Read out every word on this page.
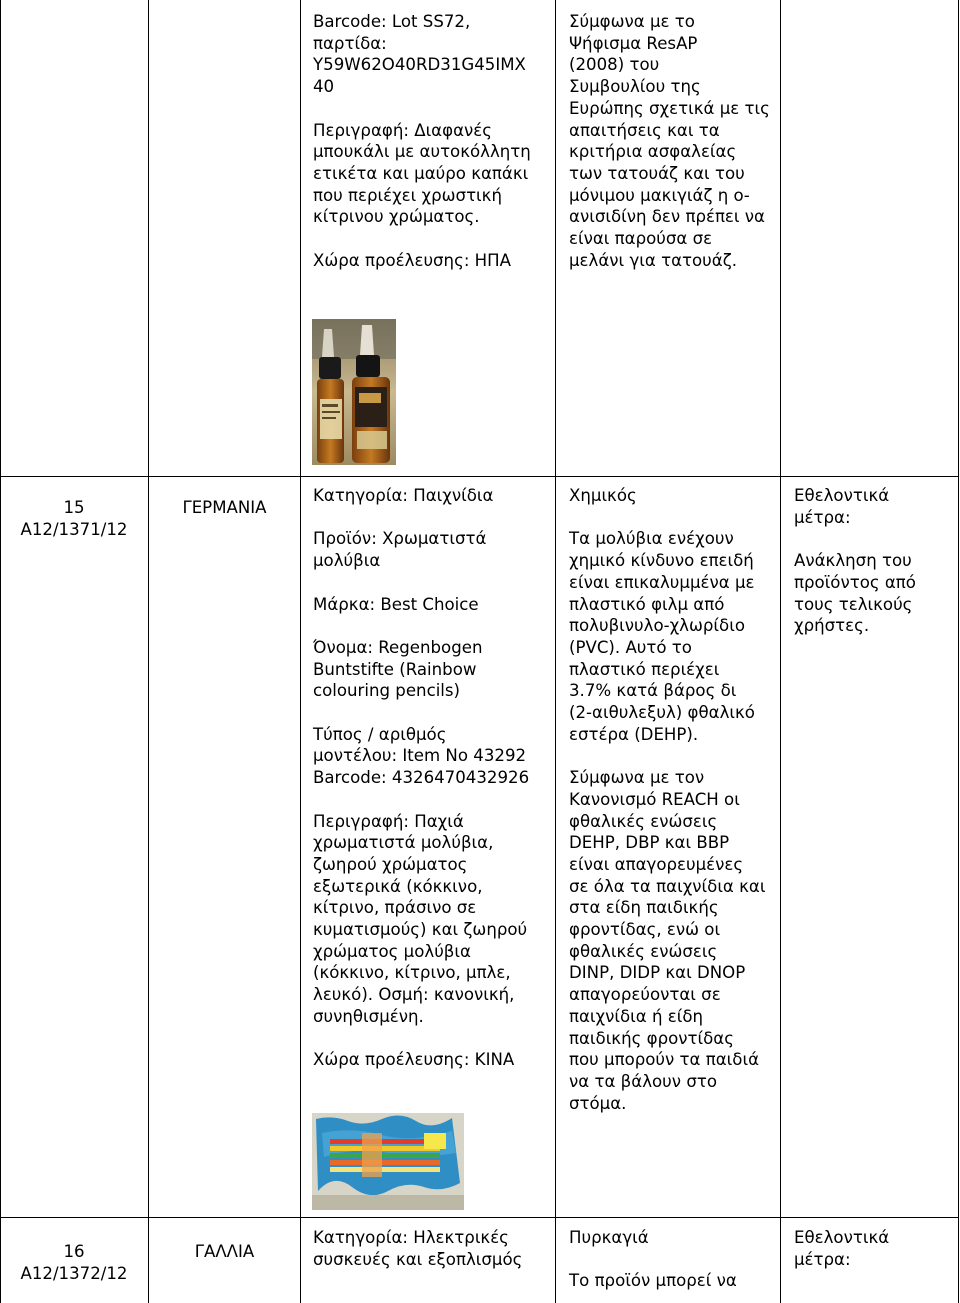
Barcode: Lot SS72,
παρτίδα:
Y59W62O40RD31G45IMX
40

Περιγραφή: Διαφανές
μπουκάλι με αυτοκόλλητη
ετικέτα και μαύρο καπάκι
που περιέχει χρωστική
κίτρινου χρώματος.

Χώρα προέλευσης: ΗΠΑ
Σύμφωνα με το
Ψήφισμα ResAP
(2008) του
Συμβουλίου της
Ευρώπης σχετικά με τις
απαιτήσεις και τα
κριτήρια ασφαλείας
των τατουάζ και του
μόνιμου μακιγιάζ η ο-
ανισιδίνη δεν πρέπει να
είναι παρούσα σε
μελάνι για τατουάζ.
15
A12/1371/12
ΓΕΡΜΑΝΙΑ
Κατηγορία: Παιχνίδια

Προϊόν: Χρωματιστά
μολύβια

Μάρκα: Best Choice

Όνομα: Regenbogen
Buntstifte (Rainbow
colouring pencils)

Τύπος / αριθμός
μοντέλου: Item No 43292
Barcode: 4326470432926

Περιγραφή: Παχιά
χρωματιστά μολύβια,
ζωηρού χρώματος
εξωτερικά (κόκκινο,
κίτρινο, πράσινο σε
κυματισμούς) και ζωηρού
χρώματος μολύβια
(κόκκινο, κίτρινο, μπλε,
λευκό). Οσμή: κανονική,
συνηθισμένη.

Χώρα προέλευσης: ΚΙΝΑ
Χημικός

Τα μολύβια ενέχουν
χημικό κίνδυνο επειδή
είναι επικαλυμμένα με
πλαστικό φιλμ από
πολυβινυλο-χλωρίδιο
(PVC). Αυτό το
πλαστικό περιέχει
3.7% κατά βάρος δι
(2-αιθυλεξυλ) φθαλικό
εστέρα (DEHP).

Σύμφωνα με τον
Κανονισμό REACH οι
φθαλικές ενώσεις
DEHP, DBP και BBP
είναι απαγορευμένες
σε όλα τα παιχνίδια και
στα είδη παιδικής
φροντίδας, ενώ οι
φθαλικές ενώσεις
DINP, DIDP και DNOP
απαγορεύονται σε
παιχνίδια ή είδη
παιδικής φροντίδας
που μπορούν τα παιδιά
να τα βάλουν στο
στόμα.
Εθελοντικά
μέτρα:

Ανάκληση του
προϊόντος από
τους τελικούς
χρήστες.
16
A12/1372/12
ΓΑΛΛΙΑ
Κατηγορία: Ηλεκτρικές
συσκευές και εξοπλισμός
Πυρκαγιά

Το προϊόν μπορεί να
Εθελοντικά
μέτρα:
